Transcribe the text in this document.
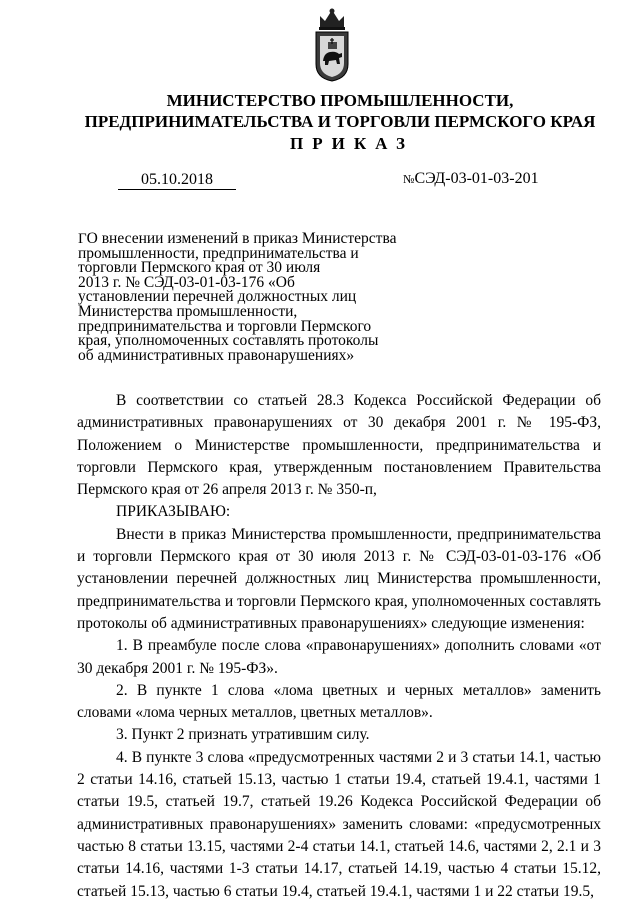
МИНИСТЕРСТВО ПРОМЫШЛЕННОСТИ,
ПРЕДПРИНИМАТЕЛЬСТВА И ТОРГОВЛИ ПЕРМСКОГО КРАЯ
ПРИКАЗ
05.10.2018	№СЭД-03-01-03-201
ГО внесении изменений в приказ Министерства
промышленности, предпринимательства и
торговли Пермского края от 30 июля
2013 г. № СЭД-03-01-03-176 «Об
установлении перечней должностных лиц
Министерства промышленности,
предпринимательства и торговли Пермского
края, уполномоченных составлять протоколы
об административных правонарушениях»

В соответствии со статьей 28.3 Кодекса Российской Федерации об административных правонарушениях от 30 декабря 2001 г. № 195-ФЗ, Положением о Министерстве промышленности, предпринимательства и торговли Пермского края, утвержденным постановлением Правительства Пермского края от 26 апреля 2013 г. № 350-п,

ПРИКАЗЫВАЮ:

Внести в приказ Министерства промышленности, предпринимательства и торговли Пермского края от 30 июля 2013 г. № СЭД-03-01-03-176 «Об установлении перечней должностных лиц Министерства промышленности, предпринимательства и торговли Пермского края, уполномоченных составлять протоколы об административных правонарушениях» следующие изменения:

1. В преамбуле после слова «правонарушениях» дополнить словами «от 30 декабря 2001 г. № 195-ФЗ».

2. В пункте 1 слова «лома цветных и черных металлов» заменить словами «лома черных металлов, цветных металлов».

3. Пункт 2 признать утратившим силу.

4. В пункте 3 слова «предусмотренных частями 2 и 3 статьи 14.1, частью 2 статьи 14.16, статьей 15.13, частью 1 статьи 19.4, статьей 19.4.1, частями 1 статьи 19.5, статьей 19.7, статьей 19.26 Кодекса Российской Федерации об административных правонарушениях» заменить словами: «предусмотренных частью 8 статьи 13.15, частями 2-4 статьи 14.1, статьей 14.6, частями 2, 2.1 и 3 статьи 14.16, частями 1-3 статьи 14.17, статьей 14.19, частью 4 статьи 15.12, статьей 15.13, частью 6 статьи 19.4, статьей 19.4.1, частями 1 и 22 статьи 19.5,
